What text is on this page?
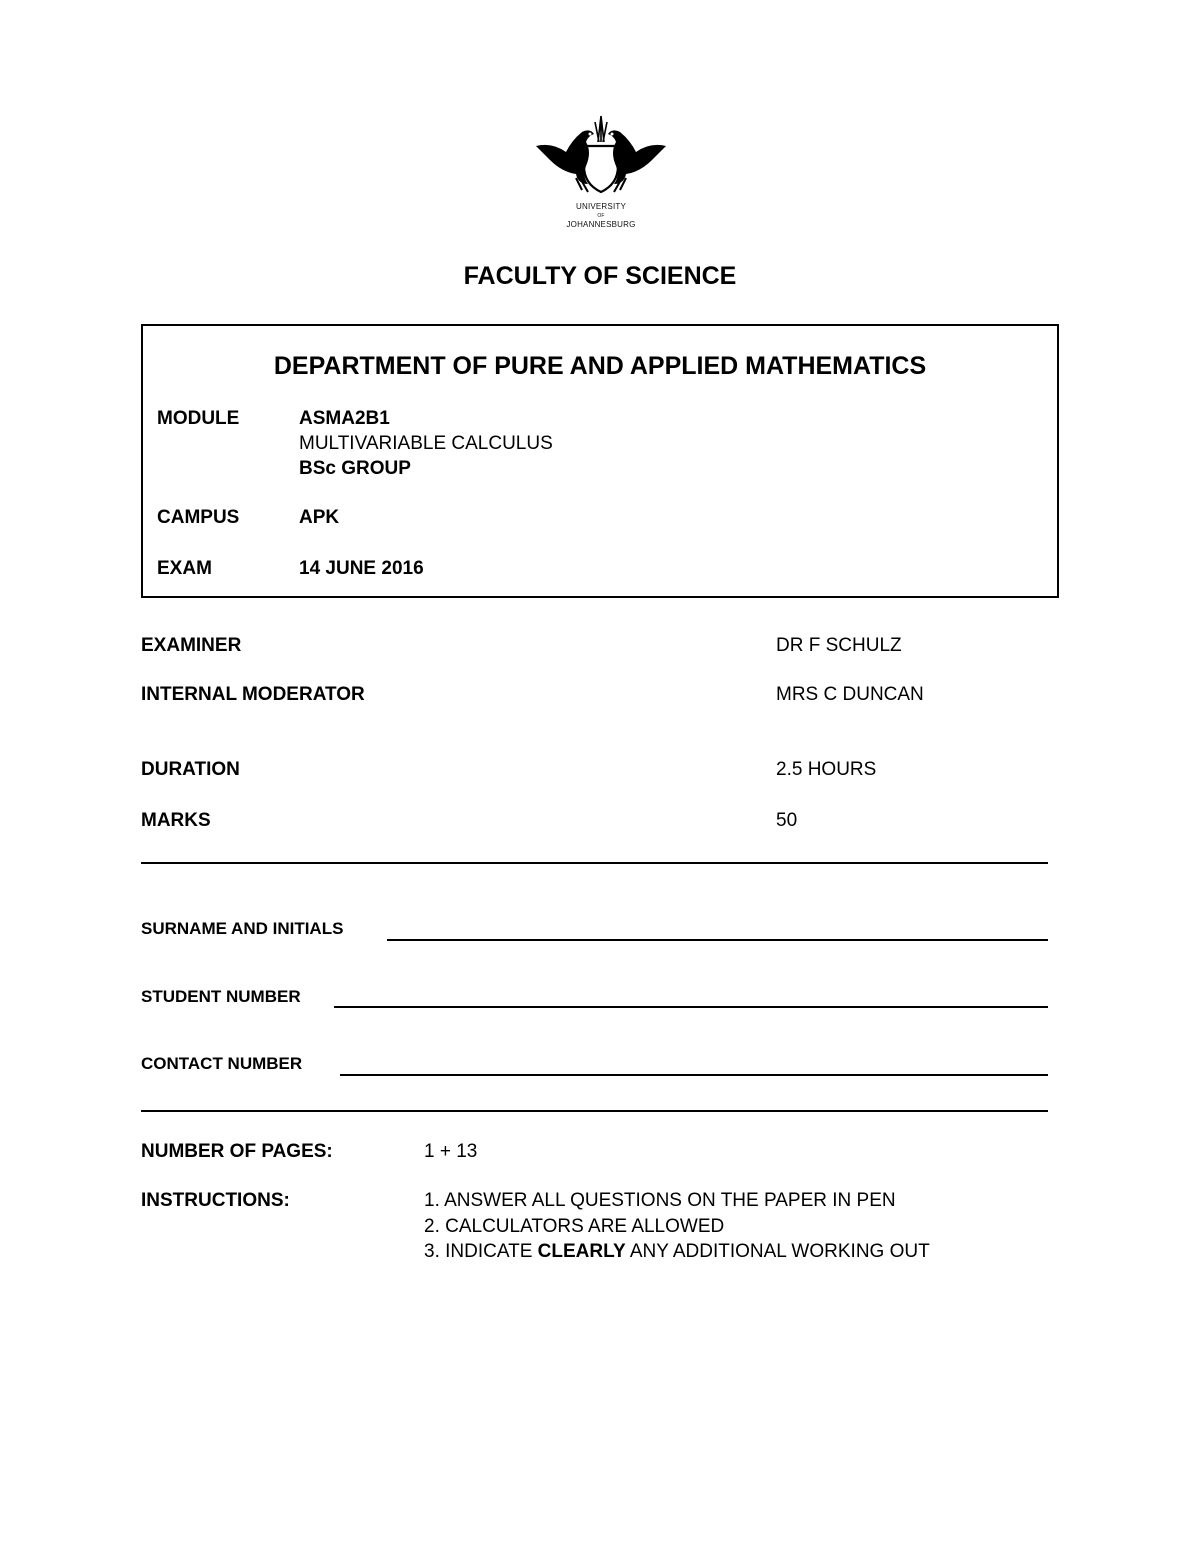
UNIVERSITY
OF
JOHANNESBURG
FACULTY OF SCIENCE
DEPARTMENT OF PURE AND APPLIED MATHEMATICS
MODULE	ASMA2B1
MULTIVARIABLE CALCULUS
BSc GROUP
CAMPUS	APK
EXAM	14 JUNE 2016
EXAMINER	DR F SCHULZ
INTERNAL MODERATOR	MRS C DUNCAN
DURATION	2.5 HOURS
MARKS	50
SURNAME AND INITIALS
STUDENT NUMBER
CONTACT NUMBER
NUMBER OF PAGES:	1 + 13
INSTRUCTIONS:	1. ANSWER ALL QUESTIONS ON THE PAPER IN PEN
2. CALCULATORS ARE ALLOWED
3. INDICATE CLEARLY ANY ADDITIONAL WORKING OUT
